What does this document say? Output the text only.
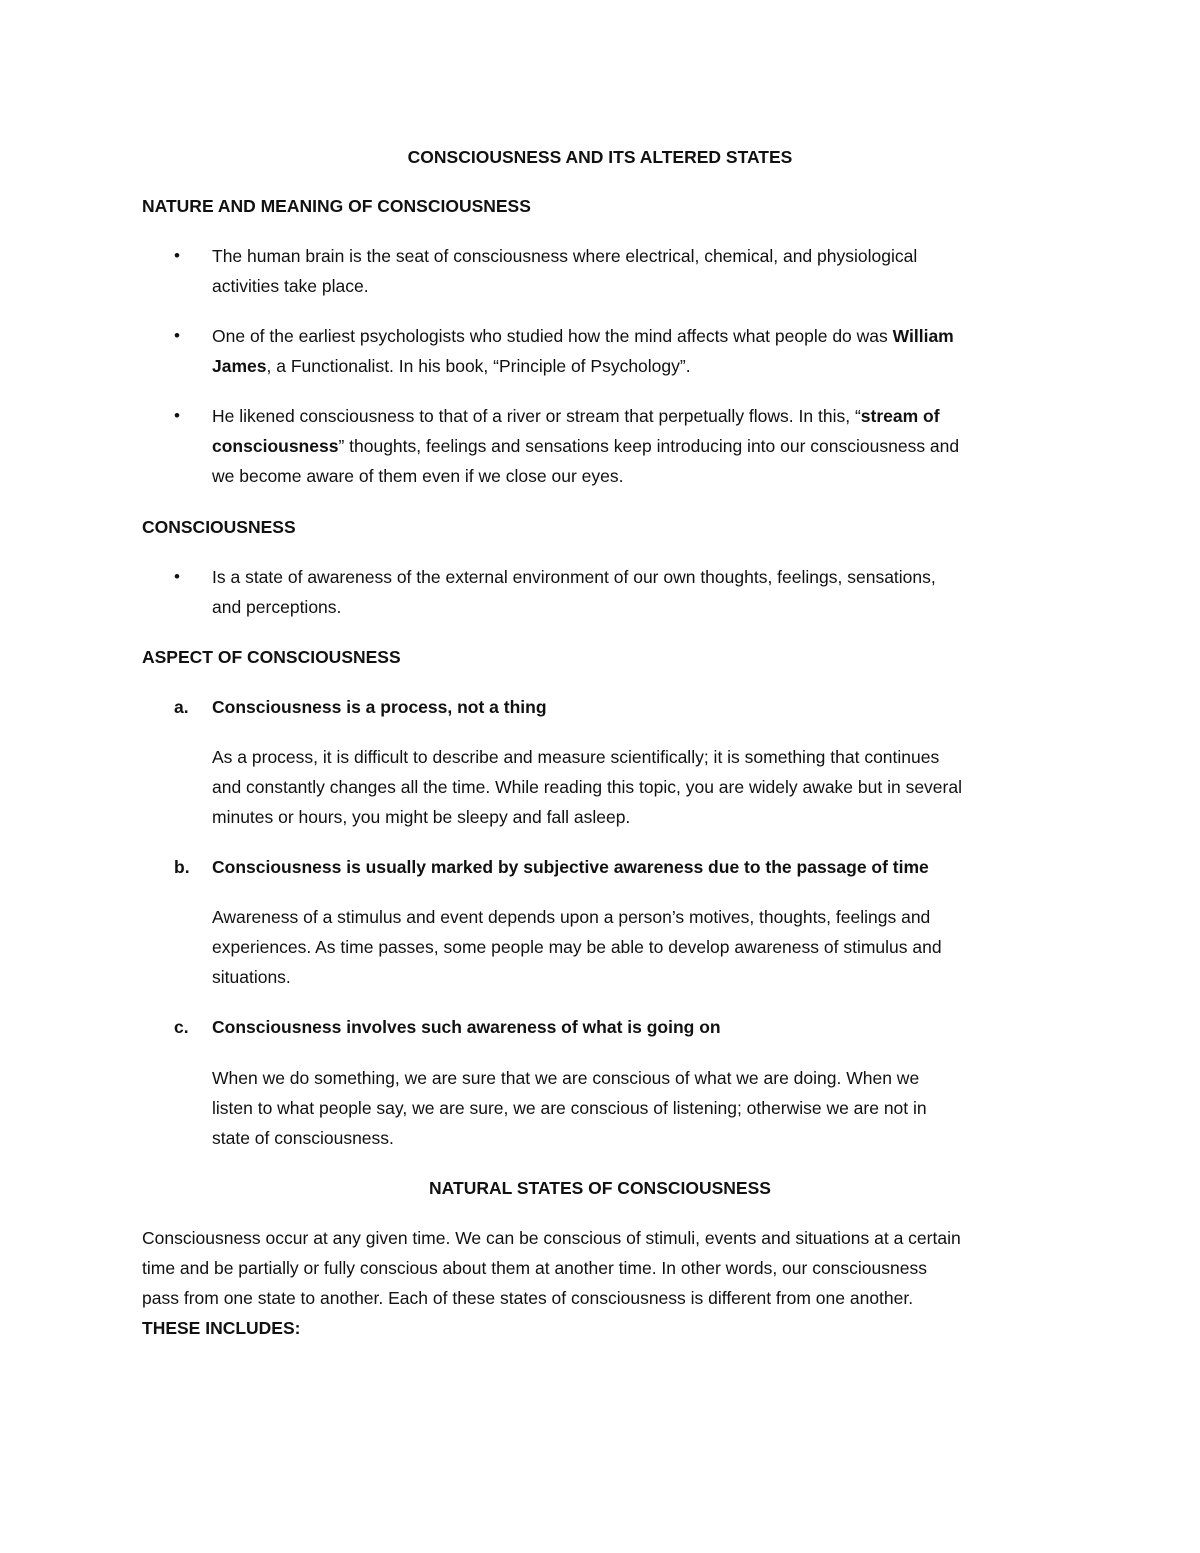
CONSCIOUSNESS AND ITS ALTERED STATES
NATURE AND MEANING OF CONSCIOUSNESS
• The human brain is the seat of consciousness where electrical, chemical, and physiological
activities take place.
• One of the earliest psychologists who studied how the mind affects what people do was William
James, a Functionalist. In his book, “Principle of Psychology”.
• He likened consciousness to that of a river or stream that perpetually flows. In this, “stream of
consciousness” thoughts, feelings and sensations keep introducing into our consciousness and
we become aware of them even if we close our eyes.
CONSCIOUSNESS
• Is a state of awareness of the external environment of our own thoughts, feelings, sensations,
and perceptions.
ASPECT OF CONSCIOUSNESS
a. Consciousness is a process, not a thing
As a process, it is difficult to describe and measure scientifically; it is something that continues
and constantly changes all the time. While reading this topic, you are widely awake but in several
minutes or hours, you might be sleepy and fall asleep.
b. Consciousness is usually marked by subjective awareness due to the passage of time
Awareness of a stimulus and event depends upon a person’s motives, thoughts, feelings and
experiences. As time passes, some people may be able to develop awareness of stimulus and
situations.
c. Consciousness involves such awareness of what is going on
When we do something, we are sure that we are conscious of what we are doing. When we
listen to what people say, we are sure, we are conscious of listening; otherwise we are not in
state of consciousness.
NATURAL STATES OF CONSCIOUSNESS
Consciousness occur at any given time. We can be conscious of stimuli, events and situations at a certain
time and be partially or fully conscious about them at another time. In other words, our consciousness
pass from one state to another. Each of these states of consciousness is different from one another.
THESE INCLUDES:
